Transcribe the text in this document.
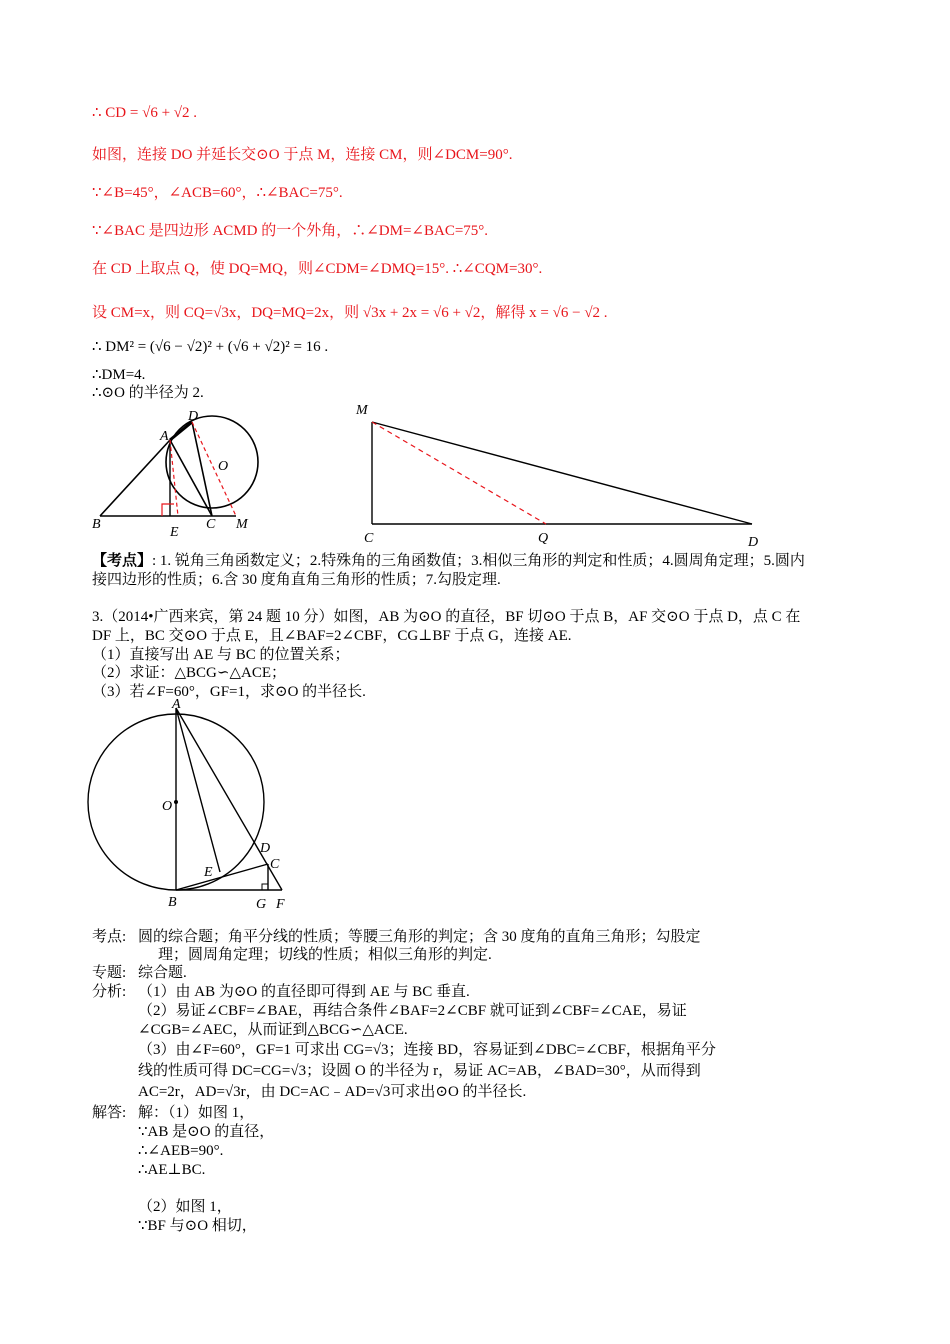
∴ CD = √6 + √2 .
如图，连接 DO 并延长交⊙O 于点 M，连接 CM，则∠DCM=90°.
∵∠B=45°，∠ACB=60°，∴∠BAC=75°.
∵∠BAC 是四边形 ACMD 的一个外角，∴∠DM=∠BAC=75°.
在 CD 上取点 Q，使 DQ=MQ，则∠CDM=∠DMQ=15°. ∴∠CQM=30°.
设 CM=x，则 CQ=√3x，DQ=MQ=2x，则 √3x + 2x = √6 + √2，解得 x = √6 − √2 .
∴ DM² = (√6 − √2)² + (√6 + √2)² = 16 .
∴DM=4.
∴⊙O 的半径为 2.
D
A
O
B
E
C M
M
C	Q	D
【考点】: 1. 锐角三角函数定义；2.特殊角的三角函数值；3.相似三角形的判定和性质；4.圆周角定理；5.圆内
接四边形的性质；6.含 30 度角直角三角形的性质；7.勾股定理.
3.（2014•广西来宾，第 24 题 10 分）如图，AB 为⊙O 的直径，BF 切⊙O 于点 B，AF 交⊙O 于点 D，点 C 在
DF 上，BC 交⊙O 于点 E，且∠BAF=2∠CBF，CG⊥BF 于点 G，连接 AE.
（1）直接写出 AE 与 BC 的位置关系；
（2）求证：△BCG∽△ACE；
（3）若∠F=60°，GF=1，求⊙O 的半径长.
A
O
D
C
E
B	G F
考点: 圆的综合题；角平分线的性质；等腰三角形的判定；含 30 度角的直角三角形；勾股定
理；圆周角定理；切线的性质；相似三角形的判定.
专题: 综合题.
分析: （1）由 AB 为⊙O 的直径即可得到 AE 与 BC 垂直.
（2）易证∠CBF=∠BAE，再结合条件∠BAF=2∠CBF 就可证到∠CBF=∠CAE，易证
∠CGB=∠AEC，从而证到△BCG∽△ACE.
（3）由∠F=60°，GF=1 可求出 CG=√3；连接 BD，容易证到∠DBC=∠CBF，根据角平分
线的性质可得 DC=CG=√3；设圆 O 的半径为 r，易证 AC=AB，∠BAD=30°，从而得到
AC=2r，AD=√3r，由 DC=AC﹣AD=√3可求出⊙O 的半径长.
解答: 解：（1）如图 1，
∵AB 是⊙O 的直径，
∴∠AEB=90°.
∴AE⊥BC.
（2）如图 1，
∵BF 与⊙O 相切，
